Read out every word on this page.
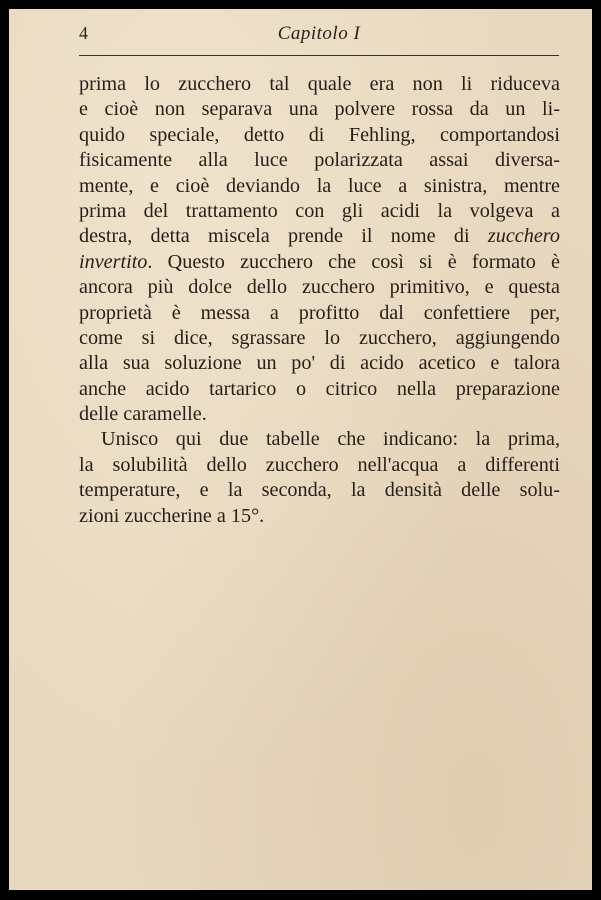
4	Capitolo I
prima lo zucchero tal quale era non li riduceva
e cioè non separava una polvere rossa da un li-
quido speciale, detto di Fehling, comportandosi
fisicamente alla luce polarizzata assai diversa-
mente, e cioè deviando la luce a sinistra, mentre
prima del trattamento con gli acidi la volgeva a
destra, detta miscela prende il nome di zucchero
invertito. Questo zucchero che così si è formato è
ancora più dolce dello zucchero primitivo, e questa
proprietà è messa a profitto dal confettiere per,
come si dice, sgrassare lo zucchero, aggiungendo
alla sua soluzione un po' di acido acetico e talora
anche acido tartarico o citrico nella preparazione
delle caramelle.
Unisco qui due tabelle che indicano: la prima,
la solubilità dello zucchero nell'acqua a differenti
temperature, e la seconda, la densità delle solu-
zioni zuccherine a 15°.
